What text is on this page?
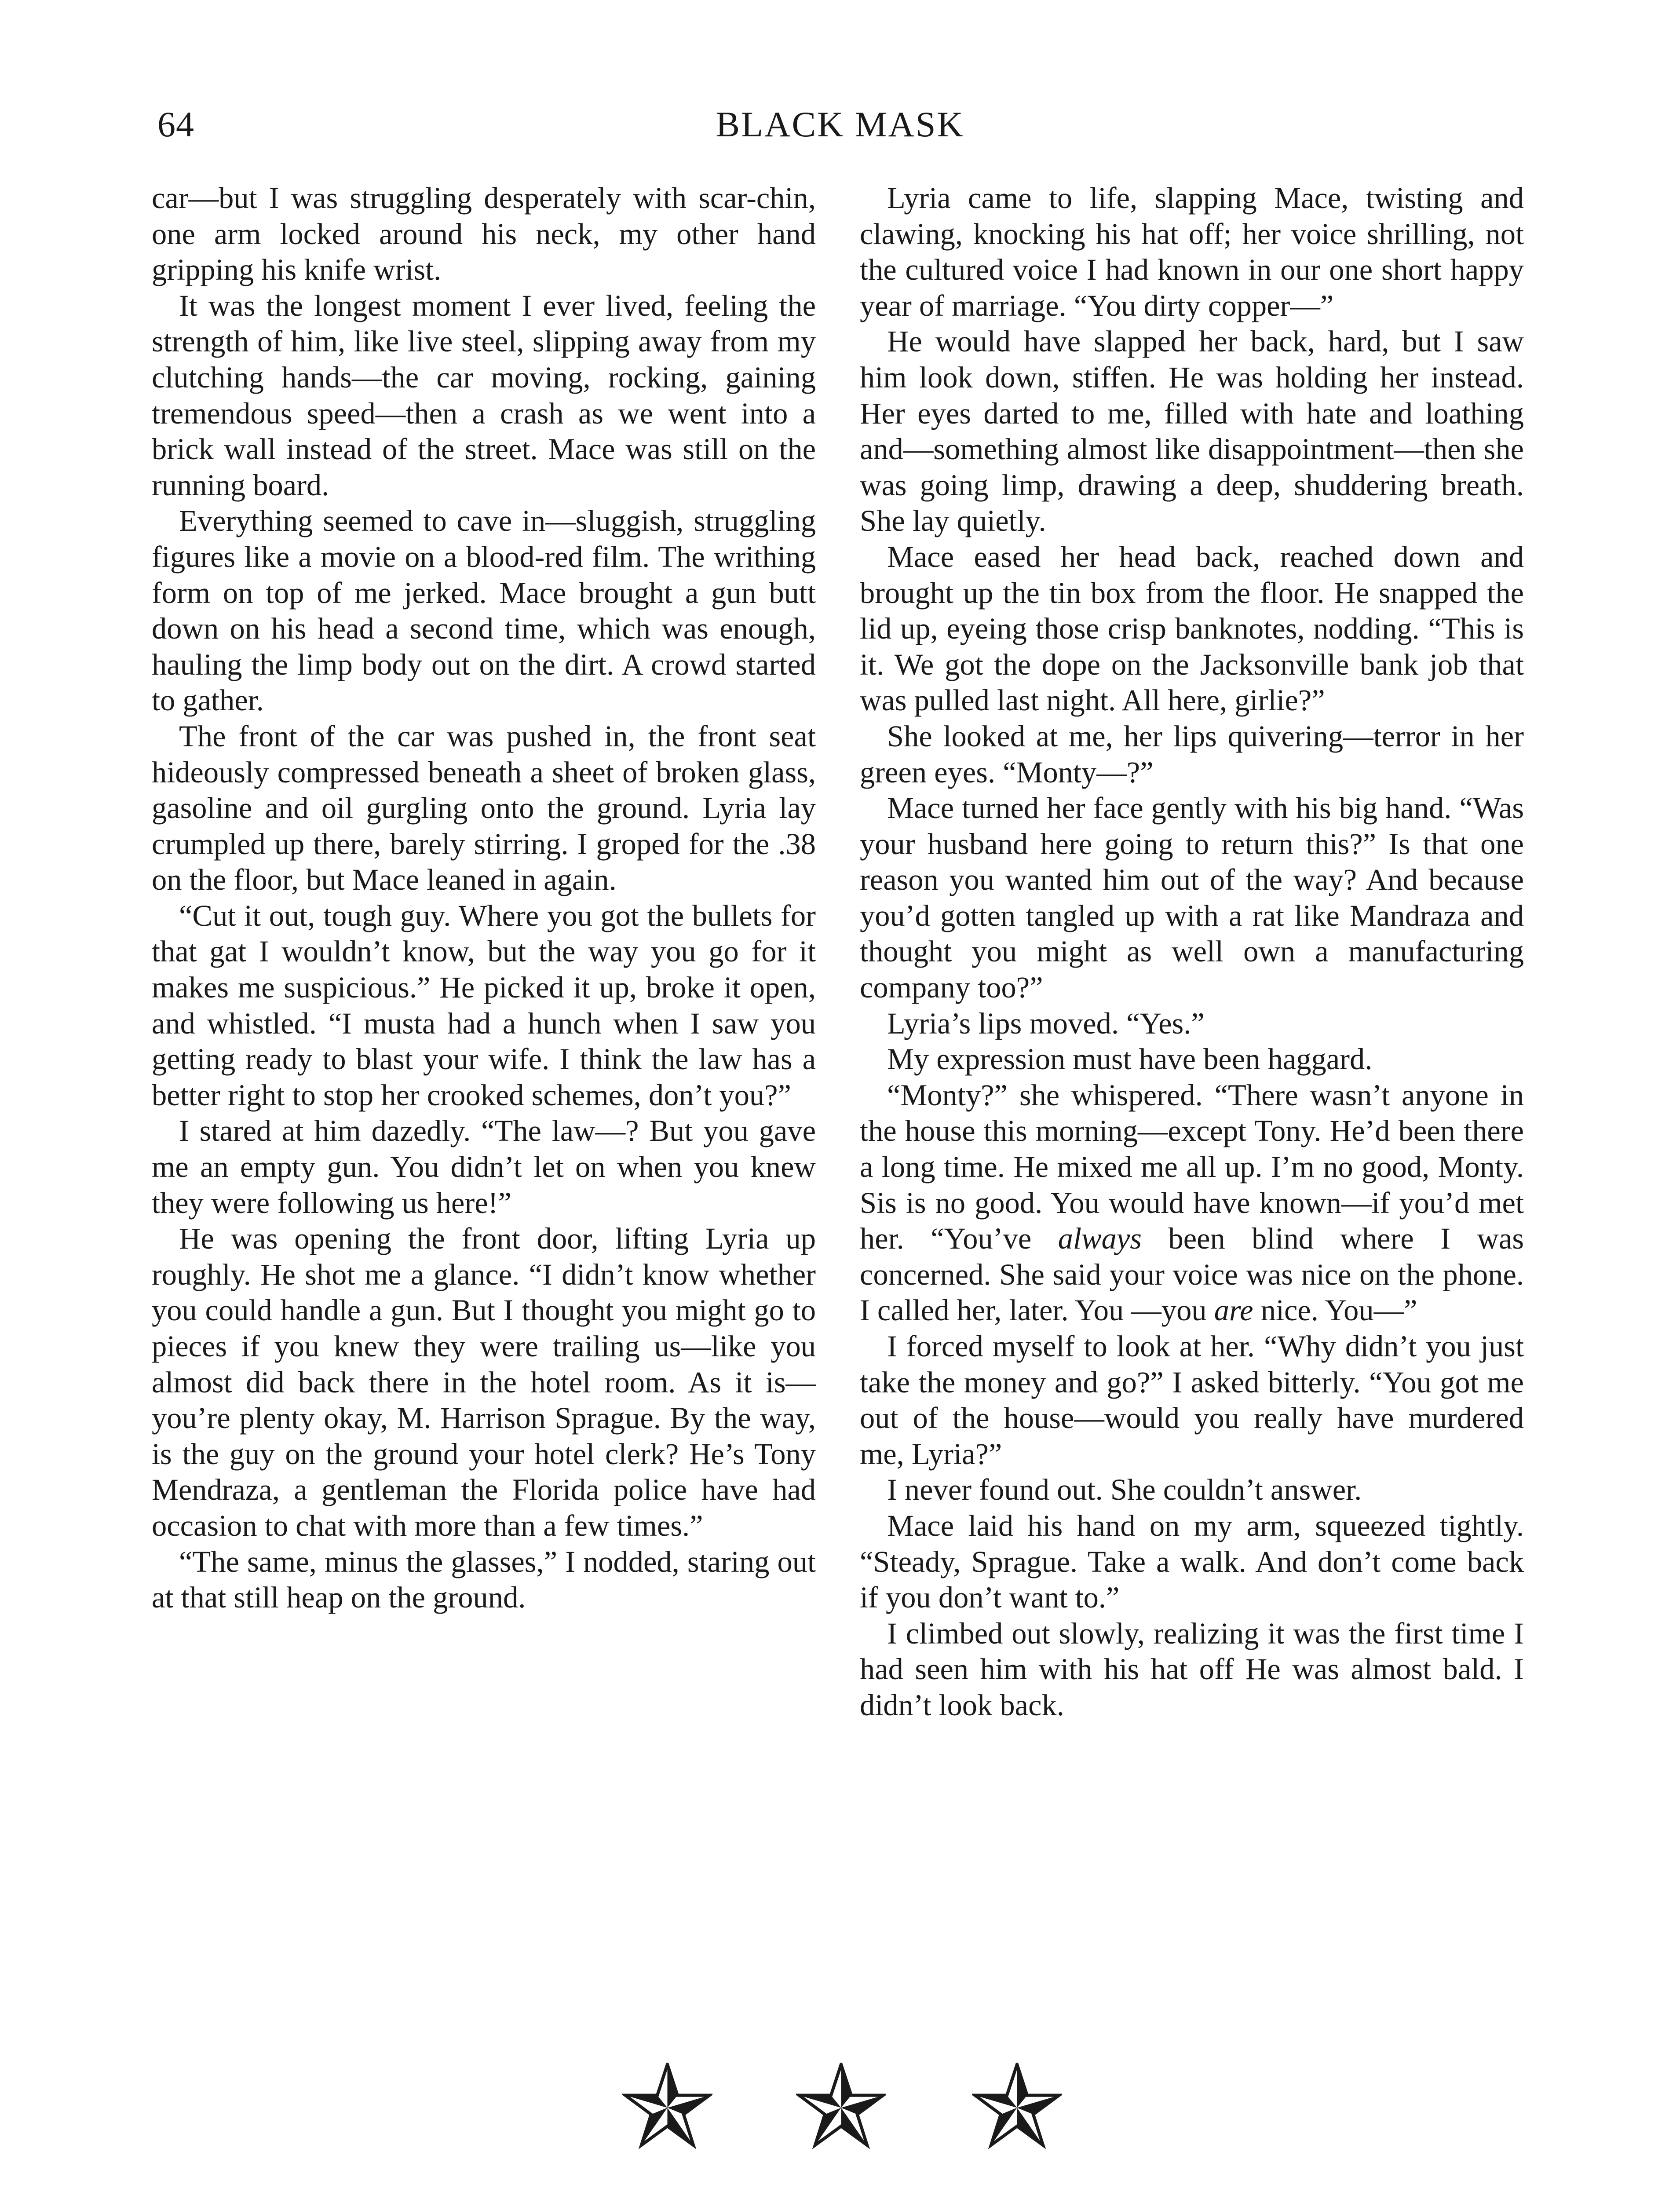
64	BLACK MASK

car—but I was struggling desperately with scar-chin, one arm locked around his neck, my other hand gripping his knife wrist.

It was the longest moment I ever lived, feeling the strength of him, like live steel, slipping away from my clutching hands—the car moving, rocking, gaining tremendous speed—then a crash as we went into a brick wall instead of the street. Mace was still on the running board.

Everything seemed to cave in—sluggish, struggling figures like a movie on a blood-red film. The writhing form on top of me jerked. Mace brought a gun butt down on his head a second time, which was enough, hauling the limp body out on the dirt. A crowd started to gather.

The front of the car was pushed in, the front seat hideously compressed beneath a sheet of broken glass, gasoline and oil gurgling onto the ground. Lyria lay crumpled up there, barely stirring. I groped for the .38 on the floor, but Mace leaned in again.

“Cut it out, tough guy. Where you got the bullets for that gat I wouldn’t know, but the way you go for it makes me suspicious.” He picked it up, broke it open, and whistled. “I musta had a hunch when I saw you getting ready to blast your wife. I think the law has a better right to stop her crooked schemes, don’t you?”

I stared at him dazedly. “The law—? But you gave me an empty gun. You didn’t let on when you knew they were following us here!”

He was opening the front door, lifting Lyria up roughly. He shot me a glance. “I didn’t know whether you could handle a gun. But I thought you might go to pieces if you knew they were trailing us—like you almost did back there in the hotel room. As it is—you’re plenty okay, M. Harrison Sprague. By the way, is the guy on the ground your hotel clerk? He’s Tony Mendraza, a gentleman the Florida police have had occasion to chat with more than a few times.”

“The same, minus the glasses,” I nodded, staring out at that still heap on the ground.

Lyria came to life, slapping Mace, twisting and clawing, knocking his hat off; her voice shrilling, not the cultured voice I had known in our one short happy year of marriage. “You dirty copper—”

He would have slapped her back, hard, but I saw him look down, stiffen. He was holding her instead. Her eyes darted to me, filled with hate and loathing and—something almost like disappointment—then she was going limp, drawing a deep, shuddering breath. She lay quietly.

Mace eased her head back, reached down and brought up the tin box from the floor. He snapped the lid up, eyeing those crisp banknotes, nodding. “This is it. We got the dope on the Jacksonville bank job that was pulled last night. All here, girlie?”

She looked at me, her lips quivering—terror in her green eyes. “Monty—?”

Mace turned her face gently with his big hand. “Was your husband here going to return this?” Is that one reason you wanted him out of the way? And because you’d gotten tangled up with a rat like Mandraza and thought you might as well own a manufacturing company too?”

Lyria’s lips moved. “Yes.”

My expression must have been haggard.

“Monty?” she whispered. “There wasn’t anyone in the house this morning—except Tony. He’d been there a long time. He mixed me all up. I’m no good, Monty. Sis is no good. You would have known—if you’d met her. “You’ve always been blind where I was concerned. She said your voice was nice on the phone. I called her, later. You —you are nice. You—”

I forced myself to look at her. “Why didn’t you just take the money and go?” I asked bitterly. “You got me out of the house—would you really have murdered me, Lyria?”

I never found out. She couldn’t answer.

Mace laid his hand on my arm, squeezed tightly. “Steady, Sprague. Take a walk. And don’t come back if you don’t want to.”

I climbed out slowly, realizing it was the first time I had seen him with his hat off He was almost bald. I didn’t look back.
